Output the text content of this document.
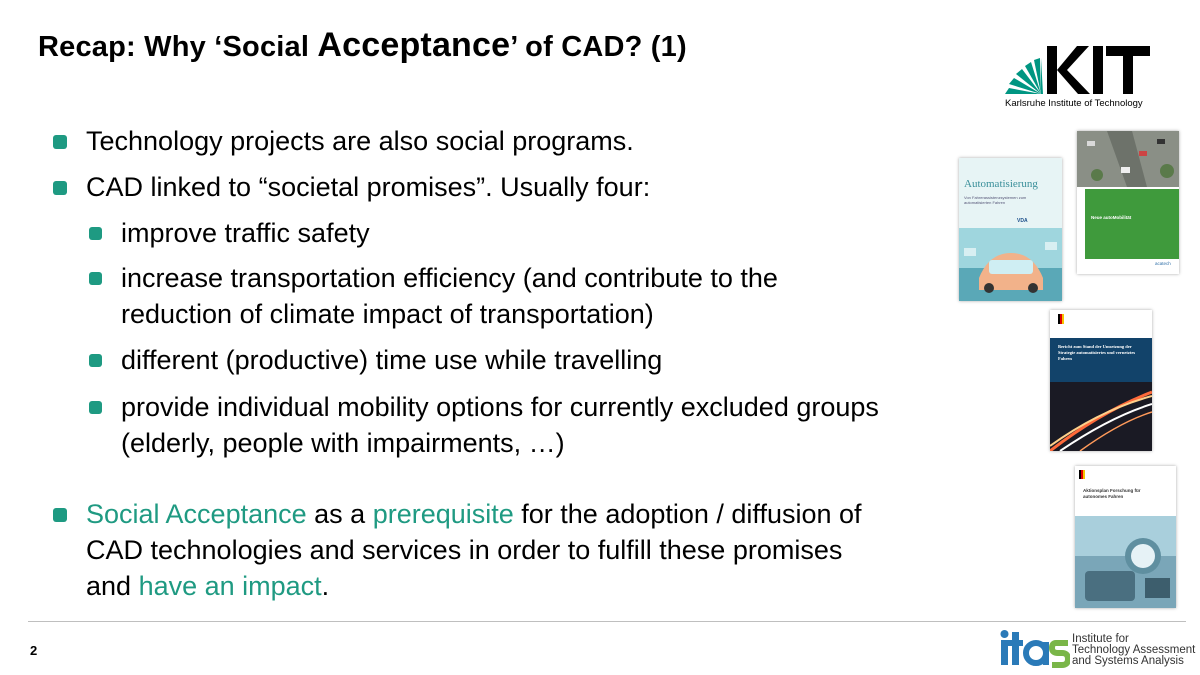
Recap: Why ‘Social Acceptance’ of CAD? (1)
Karlsruhe Institute of Technology
Technology projects are also social programs.
CAD linked to “societal promises”. Usually four:
improve traffic safety
increase transportation efficiency (and contribute to the
reduction of climate impact of transportation)
different (productive) time use while travelling
provide individual mobility options for currently excluded groups
(elderly, people with impairments, …)
Social Acceptance as a prerequisite for the adoption / diffusion of
CAD technologies and services in order to fulfill these promises
and have an impact.
Automatisierung
Von Fahrerassistenzsystemen zum automatisierten Fahren
VDA
Neue autoMobilität
acatech
Bericht zum Stand der Umsetzung der Strategie automatisiertes und vernetztes Fahren
Aktionsplan Forschung für autonomes Fahren
2
Institute for
Technology Assessment
and Systems Analysis
